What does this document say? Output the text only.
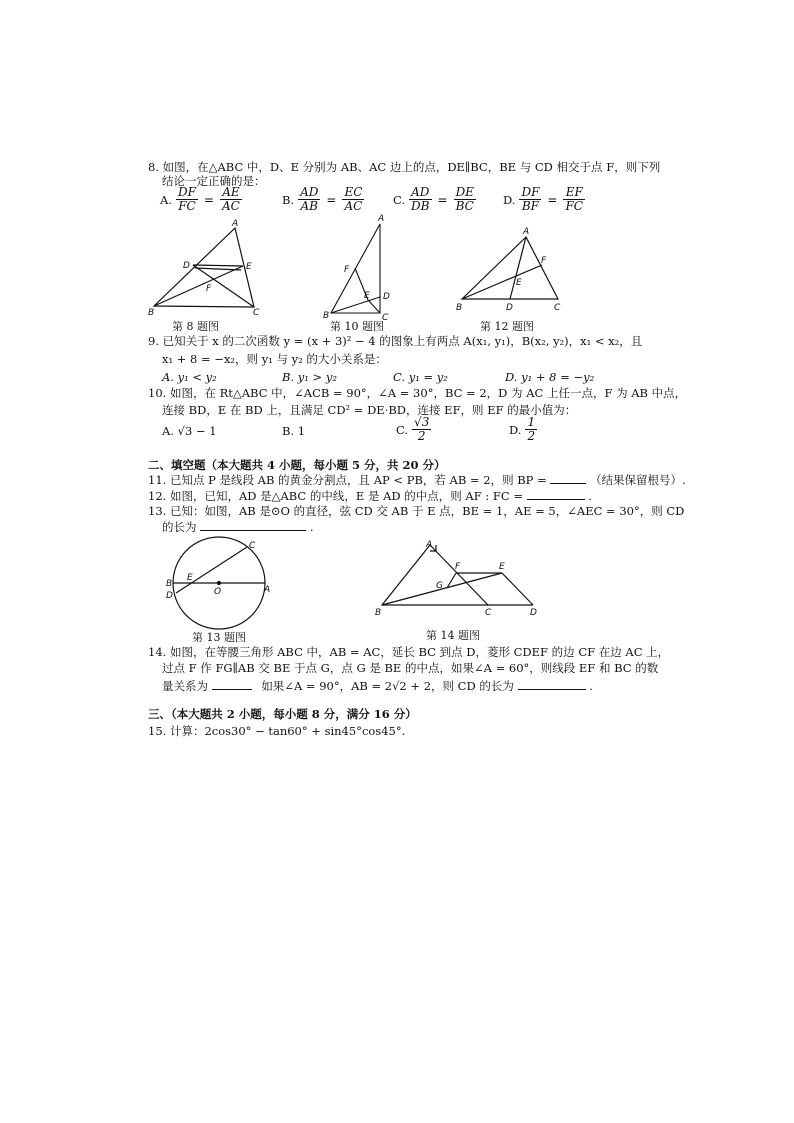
8. 如图，在△ABC 中，D、E 分别为 AB、AC 边上的点，DE∥BC，BE 与 CD 相交于点 F，则下列
结论一定正确的是：
A. $\frac{DF}{FC} = \frac{AE}{AC}$	B. $\frac{AD}{AB} = \frac{EC}{AC} C$. $\frac{AD}{DB} = \frac{DE}{BC} D$. $\frac{DF}{BF} = \frac{EF}{FC}$
A
D	E
F
B	C
第 8 题图
A
F
E D
B	C
第 10 题图
A
F
E
B	D	C
第 12 题图
9. 已知关于 x 的二次函数 y = (x + 3)² − 4 的图象上有两点 A(x₁, y₁)，B(x₂, y₂)，x₁ < x₂，且
x₁ + 8 = −x₂，则 y₁ 与 y₂ 的大小关系是：
A. y₁ < y₂	B. y₁ > y₂	C. y₁ = y₂	D. y₁ + 8 = −y₂
10. 如图，在 Rt△ABC 中，∠ACB = 90°，∠A = 30°，BC = 2，D 为 AC 上任一点，F 为 AB 中点，
连接 BD，E 在 BD 上，且满足 CD² = DE·BD，连接 EF，则 EF 的最小值为：
A. √3 − 1	B. 1	C. $\frac{√3}{2}$	D. $\frac{1}{2}$
二、填空题（本大题共 4 小题，每小题 5 分，共 20 分）
11. 已知点 P 是线段 AB 的黄金分割点，且 AP < PB，若 AB = 2，则 BP =	（结果保留根号）.
12. 如图，已知，AD 是△ABC 的中线，E 是 AD 的中点，则 AF : FC =	.
13. 已知：如图，AB 是⊙O 的直径，弦 CD 交 AB 于 E 点，BE = 1，AE = 5，∠AEC = 30°，则 CD
的长为	.
C
E
B
D	O	A
第 13 题图
A
F	E
G
B	C	D
第 14 题图
14. 如图，在等腰三角形 ABC 中，AB = AC，延长 BC 到点 D，菱形 CDEF 的边 CF 在边 AC 上，
过点 F 作 FG∥AB 交 BE 于点 G，点 G 是 BE 的中点，如果∠A = 60°，则线段 EF 和 BC 的数
量关系为	如果∠A = 90°，AB = 2√2 + 2，则 CD 的长为	.
三、（本大题共 2 小题，每小题 8 分，满分 16 分）
15. 计算：2cos30° − tan60° + sin45°cos45°.
